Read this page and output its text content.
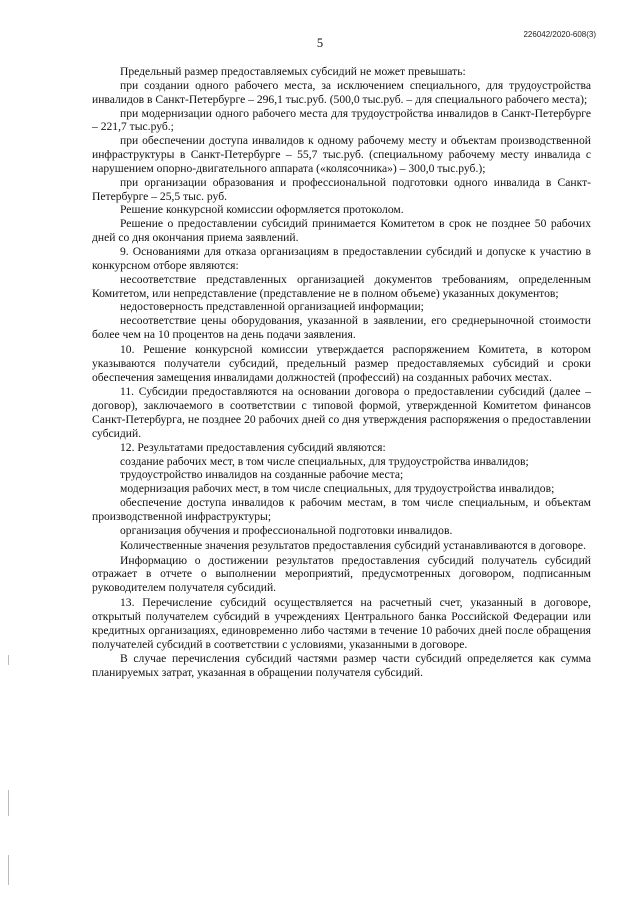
226042/2020-608(3)
5

Предельный размер предоставляемых субсидий не может превышать:

при создании одного рабочего места, за исключением специального, для трудоустройства инвалидов в Санкт-Петербурге – 296,1 тыс.руб. (500,0 тыс.руб. – для специального рабочего места);

при модернизации одного рабочего места для трудоустройства инвалидов в Санкт-Петербурге – 221,7 тыс.руб.;

при обеспечении доступа инвалидов к одному рабочему месту и объектам производственной инфраструктуры в Санкт-Петербурге – 55,7 тыс.руб. (специальному рабочему месту инвалида с нарушением опорно-двигательного аппарата («колясочника») – 300,0 тыс.руб.);

при организации образования и профессиональной подготовки одного инвалида в Санкт-Петербурге – 25,5 тыс. руб.

Решение конкурсной комиссии оформляется протоколом.

Решение о предоставлении субсидий принимается Комитетом в срок не позднее 50 рабочих дней со дня окончания приема заявлений.

9. Основаниями для отказа организациям в предоставлении субсидий и допуске к участию в конкурсном отборе являются:

несоответствие представленных организацией документов требованиям, определенным Комитетом, или непредставление (представление не в полном объеме) указанных документов;

недостоверность представленной организацией информации;

несоответствие цены оборудования, указанной в заявлении, его среднерыночной стоимости более чем на 10 процентов на день подачи заявления.

10. Решение конкурсной комиссии утверждается распоряжением Комитета, в котором указываются получатели субсидий, предельный размер предоставляемых субсидий и сроки обеспечения замещения инвалидами должностей (профессий) на созданных рабочих местах.

11. Субсидии предоставляются на основании договора о предоставлении субсидий (далее – договор), заключаемого в соответствии с типовой формой, утвержденной Комитетом финансов Санкт-Петербурга, не позднее 20 рабочих дней со дня утверждения распоряжения о предоставлении субсидий.

12. Результатами предоставления субсидий являются:

создание рабочих мест, в том числе специальных, для трудоустройства инвалидов;

трудоустройство инвалидов на созданные рабочие места;

модернизация рабочих мест, в том числе специальных, для трудоустройства инвалидов;

обеспечение доступа инвалидов к рабочим местам, в том числе специальным, и объектам производственной инфраструктуры;

организация обучения и профессиональной подготовки инвалидов.

Количественные значения результатов предоставления субсидий устанавливаются в договоре.

Информацию о достижении результатов предоставления субсидий получатель субсидий отражает в отчете о выполнении мероприятий, предусмотренных договором, подписанным руководителем получателя субсидий.

13. Перечисление субсидий осуществляется на расчетный счет, указанный в договоре, открытый получателем субсидий в учреждениях Центрального банка Российской Федерации или кредитных организациях, единовременно либо частями в течение 10 рабочих дней после обращения получателей субсидий в соответствии с условиями, указанными в договоре.

В случае перечисления субсидий частями размер части субсидий определяется как сумма планируемых затрат, указанная в обращении получателя субсидий.
